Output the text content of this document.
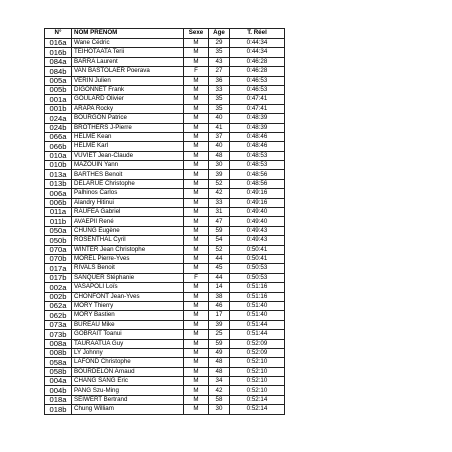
N°	NOM PRENOM	Sexe	Age	T. Réel
016a	Wane Cédric	M	29	0:44:34
016b	TEIHOTAATA Terii	M	35	0:44:34
084a	BARRA Laurent	M	43	0:46:28
084b	VAN BASTOLAER Poerava	F	27	0:46:28
005a	VERIN Julien	M	36	0:46:53
005b	DIGONNET Frank	M	33	0:46:53
001a	GOULARD Olivier	M	35	0:47:41
001b	ARAPA Rocky	M	35	0:47:41
024a	BOURGON Patrice	M	40	0:48:39
024b	BROTHERS J-Pierre	M	41	0:48:39
066a	HELME Kean	M	37	0:48:46
066b	HELME Karl	M	40	0:48:46
010a	VUVIET Jean-Claude	M	48	0:48:53
010b	MAZOUIN Yann	M	30	0:48:53
013a	BARTHES Benoit	M	39	0:48:56
013b	DELARUE Christophe	M	52	0:48:56
006a	Palhinos Carlos	M	42	0:49:16
006b	Alandry Hitinui	M	33	0:49:16
011a	RAUFEA Gabriel	M	31	0:49:40
011b	AVAEPII René	M	47	0:49:40
050a	CHUNG Eugène	M	59	0:49:43
050b	ROSENTHAL Cyril	M	54	0:49:43
070a	WINTER Jean Christophe	M	52	0:50:41
070b	MOREL Pierre-Yves	M	44	0:50:41
017a	RIVALS Benoit	M	45	0:50:53
017b	SANQUER Stéphanie	F	44	0:50:53
002a	VASAPOLI Loïs	M	14	0:51:16
002b	CHONFONT Jean-Yves	M	38	0:51:16
062a	MORY Thierry	M	46	0:51:40
062b	MORY Bastien	M	17	0:51:40
073a	BUREAU Mike	M	39	0:51:44
073b	GOBRAIT Toanui	M	25	0:51:44
008a	TAURAATUA Guy	M	59	0:52:09
008b	LY Johnny	M	49	0:52:09
058a	LAFOND Christophe	M	48	0:52:10
058b	BOURDELON Arnaud	M	48	0:52:10
004a	CHANG SANG Eric	M	34	0:52:10
004b	PANG Szu-Ming	M	42	0:52:10
018a	SEIWERT Bertrand	M	58	0:52:14
018b	Chung William	M	30	0:52:14
